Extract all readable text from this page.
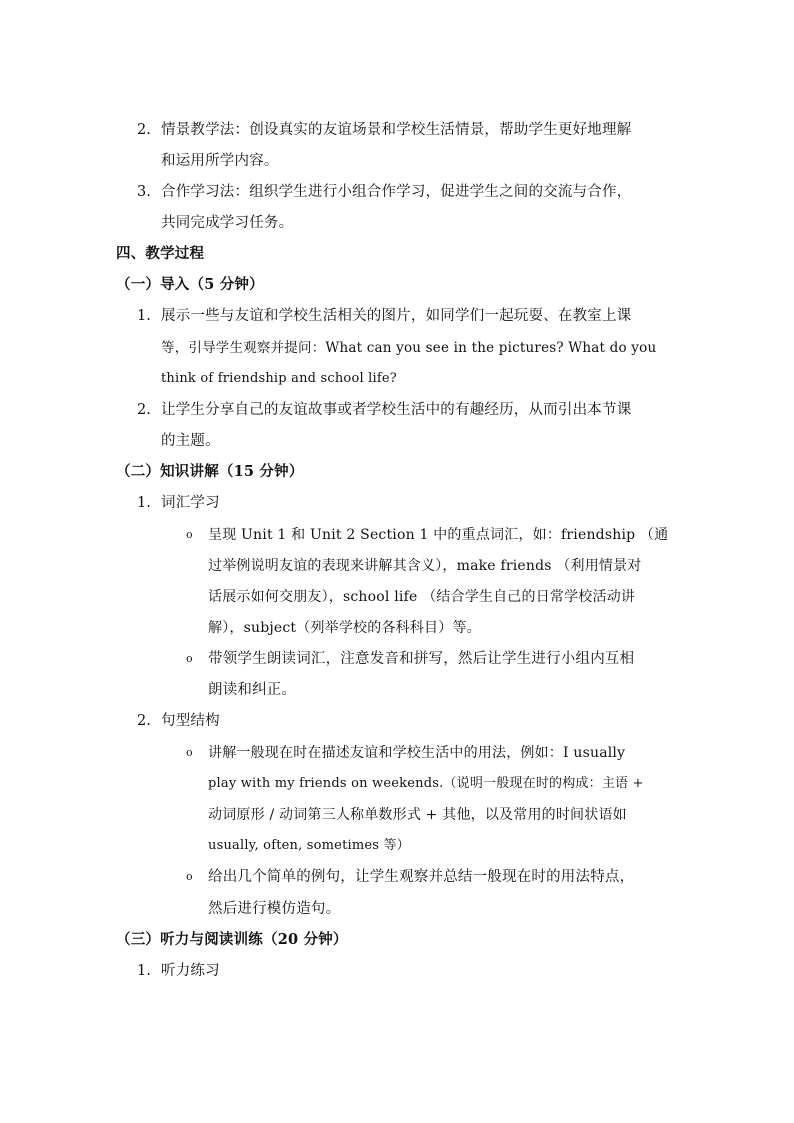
2. 情景教学法：创设真实的友谊场景和学校生活情景，帮助学生更好地理解
和运用所学内容。
3. 合作学习法：组织学生进行小组合作学习，促进学生之间的交流与合作，
共同完成学习任务。
四、教学过程
（一）导入（5 分钟）
1. 展示一些与友谊和学校生活相关的图片，如同学们一起玩耍、在教室上课
等，引导学生观察并提问：What can you see in the pictures? What do you
think of friendship and school life?
2. 让学生分享自己的友谊故事或者学校生活中的有趣经历，从而引出本节课
的主题。
（二）知识讲解（15 分钟）
1. 词汇学习
o 呈现 Unit 1 和 Unit 2 Section 1 中的重点词汇，如：friendship （通
过举例说明友谊的表现来讲解其含义），make friends （利用情景对
话展示如何交朋友），school life （结合学生自己的日常学校活动讲
解），subject（列举学校的各科科目）等。
o 带领学生朗读词汇，注意发音和拼写，然后让学生进行小组内互相
朗读和纠正。
2. 句型结构
o 讲解一般现在时在描述友谊和学校生活中的用法，例如：I usually
play with my friends on weekends.（说明一般现在时的构成：主语 +
动词原形 / 动词第三人称单数形式 + 其他，以及常用的时间状语如
usually, often, sometimes 等）
o 给出几个简单的例句，让学生观察并总结一般现在时的用法特点，
然后进行模仿造句。
（三）听力与阅读训练（20 分钟）
1. 听力练习
